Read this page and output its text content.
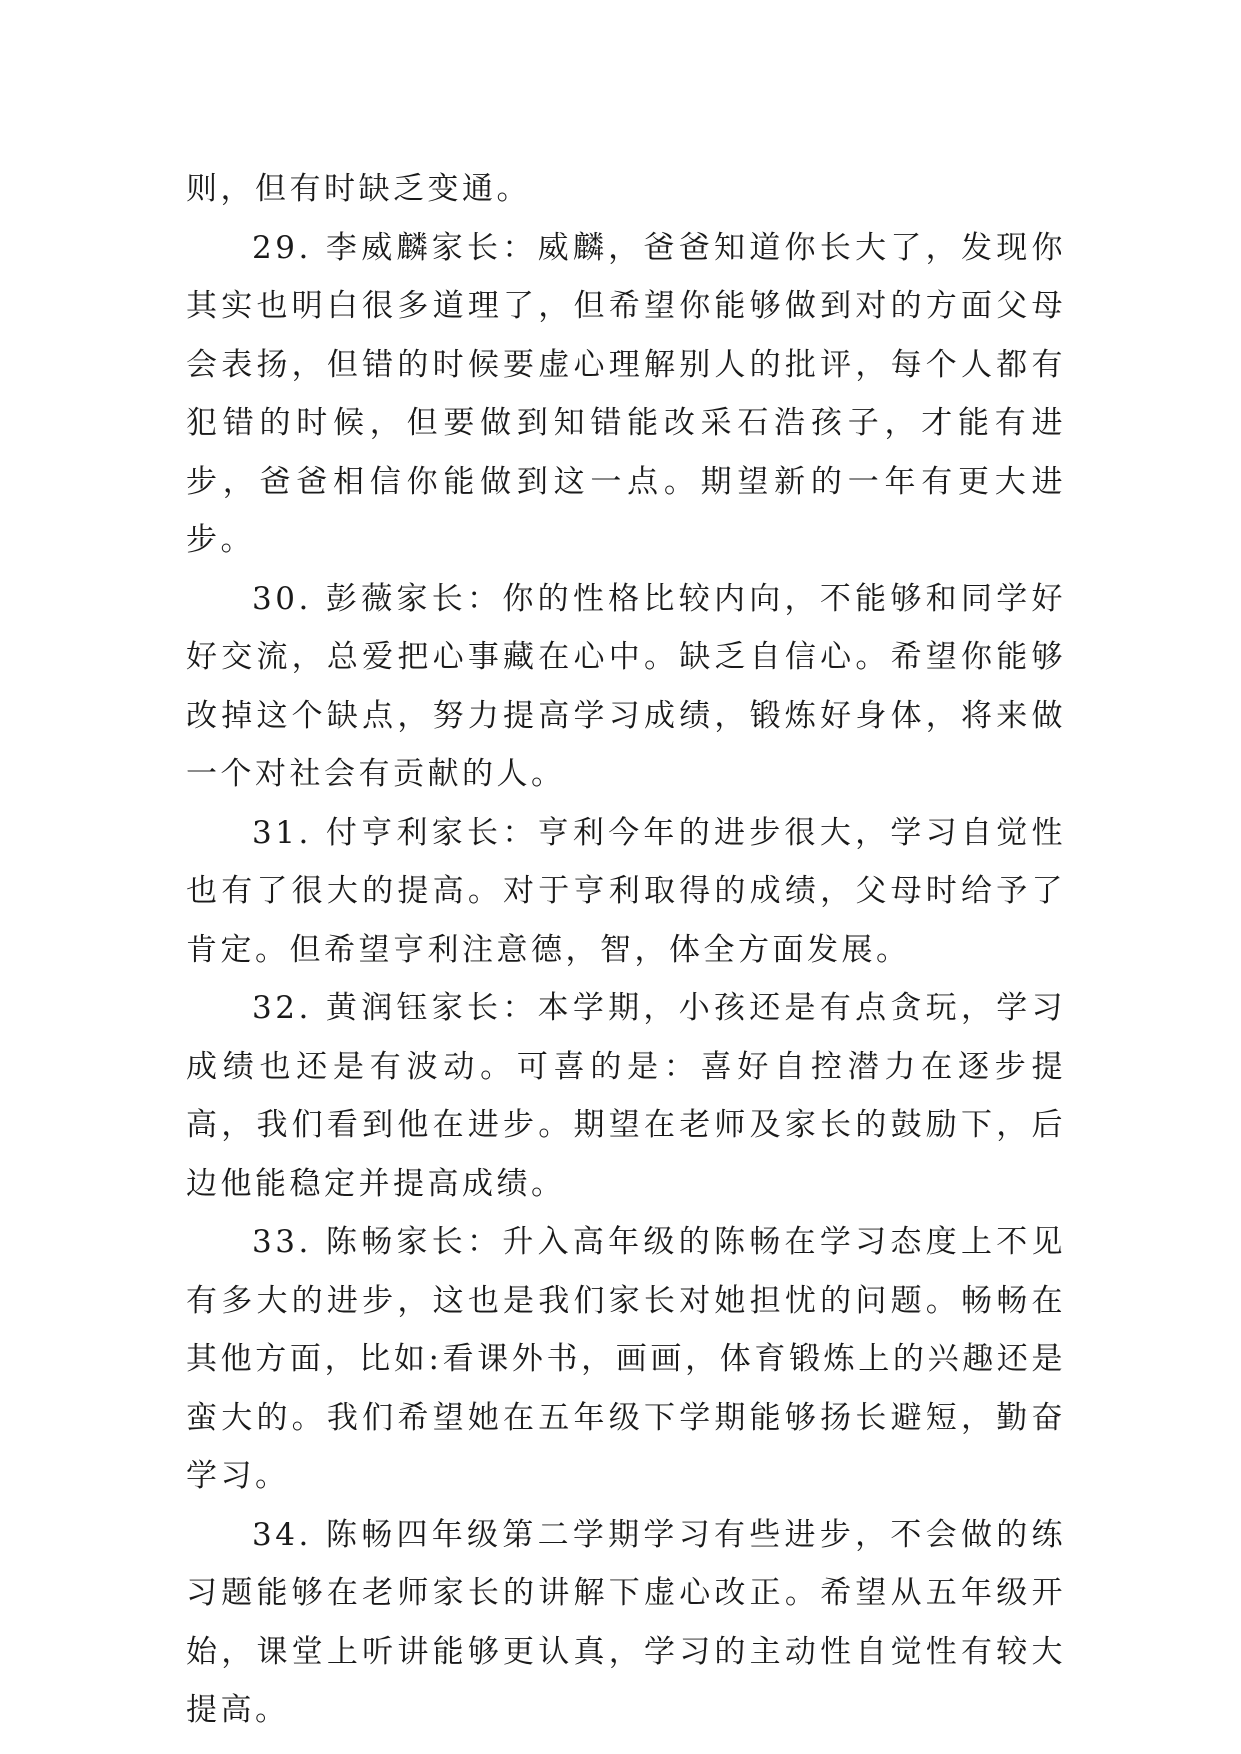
则，但有时缺乏变通。

29. 李威麟家长：威麟，爸爸知道你长大了，发现你其实也明白很多道理了，但希望你能够做到对的方面父母会表扬，但错的时候要虚心理解别人的批评，每个人都有犯错的时候，但要做到知错能改采石浩孩子，才能有进步，爸爸相信你能做到这一点。期望新的一年有更大进步。

30. 彭薇家长：你的性格比较内向，不能够和同学好好交流，总爱把心事藏在心中。缺乏自信心。希望你能够改掉这个缺点，努力提高学习成绩，锻炼好身体，将来做一个对社会有贡献的人。

31. 付亨利家长：亨利今年的进步很大，学习自觉性也有了很大的提高。对于亨利取得的成绩，父母时给予了肯定。但希望亨利注意德，智，体全方面发展。

32. 黄润钰家长：本学期，小孩还是有点贪玩，学习成绩也还是有波动。可喜的是：喜好自控潜力在逐步提高，我们看到他在进步。期望在老师及家长的鼓励下，后边他能稳定并提高成绩。

33. 陈畅家长：升入高年级的陈畅在学习态度上不见有多大的进步，这也是我们家长对她担忧的问题。畅畅在其他方面，比如:看课外书，画画，体育锻炼上的兴趣还是蛮大的。我们希望她在五年级下学期能够扬长避短，勤奋学习。

34. 陈畅四年级第二学期学习有些进步，不会做的练习题能够在老师家长的讲解下虚心改正。希望从五年级开始，课堂上听讲能够更认真，学习的主动性自觉性有较大提高。
